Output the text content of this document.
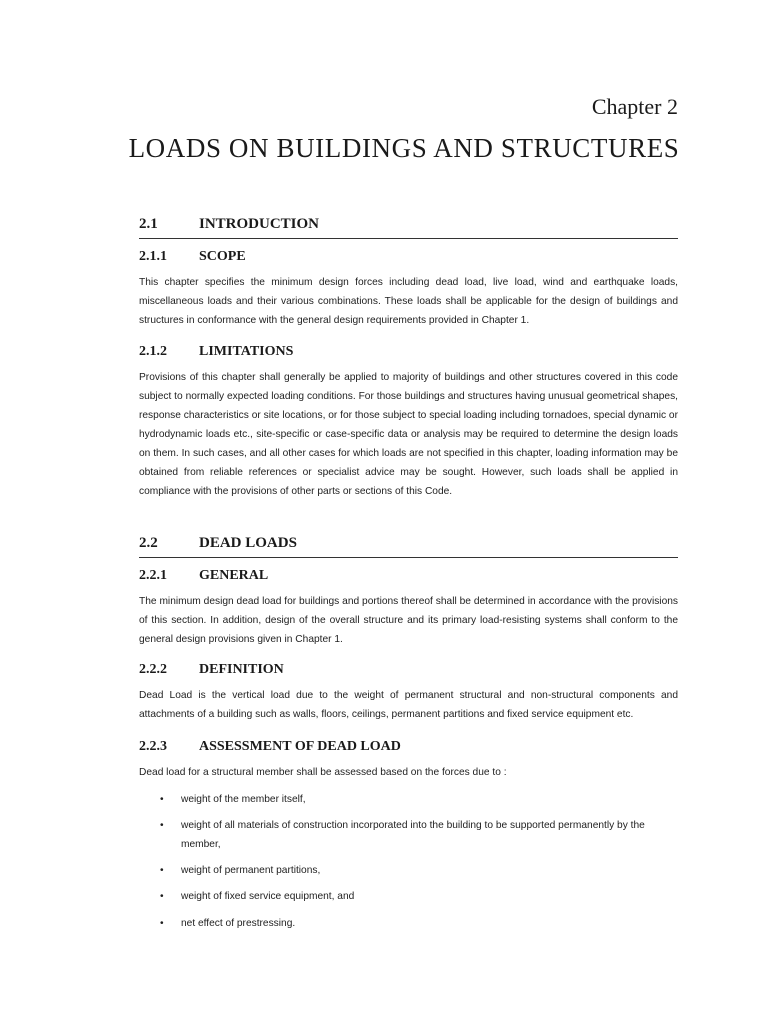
Chapter 2
LOADS ON BUILDINGS AND STRUCTURES
2.1	INTRODUCTION
2.1.1 SCOPE

This chapter specifies the minimum design forces including dead load, live load, wind and earthquake loads, miscellaneous loads and their various combinations. These loads shall be applicable for the design of buildings and structures in conformance with the general design requirements provided in Chapter 1.

2.1.2 LIMITATIONS

Provisions of this chapter shall generally be applied to majority of buildings and other structures covered in this code subject to normally expected loading conditions. For those buildings and structures having unusual geometrical shapes, response characteristics or site locations, or for those subject to special loading including tornadoes, special dynamic or hydrodynamic loads etc., site-specific or case-specific data or analysis may be required to determine the design loads on them. In such cases, and all other cases for which loads are not specified in this chapter, loading information may be obtained from reliable references or specialist advice may be sought. However, such loads shall be applied in compliance with the provisions of other parts or sections of this Code.

2.2	DEAD LOADS
2.2.1 GENERAL

The minimum design dead load for buildings and portions thereof shall be determined in accordance with the provisions of this section. In addition, design of the overall structure and its primary load-resisting systems shall conform to the general design provisions given in Chapter 1.

2.2.2 DEFINITION

Dead Load is the vertical load due to the weight of permanent structural and non-structural components and attachments of a building such as walls, floors, ceilings, permanent partitions and fixed service equipment etc.

2.2.3 ASSESSMENT OF DEAD LOAD
Dead load for a structural member shall be assessed based on the forces due to :
• weight of the member itself,
• weight of all materials of construction incorporated into the building to be supported permanently by the member,
• weight of permanent partitions,
• weight of fixed service equipment, and
• net effect of prestressing.
